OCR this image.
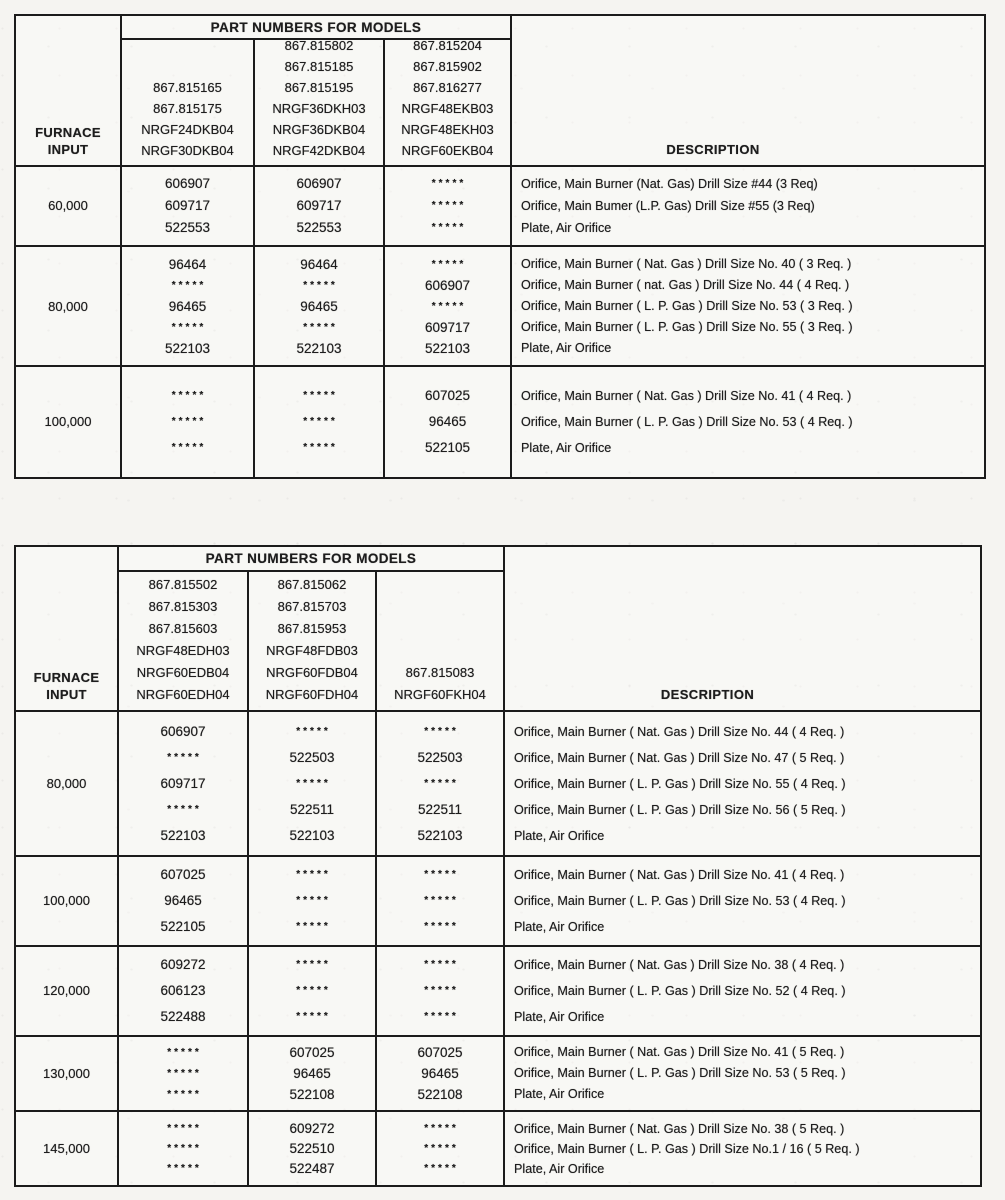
FURNACE
INPUT
PART NUMBERS FOR MODELS
867.815165
867.815175
NRGF24DKB04
NRGF30DKB04
867.815802
867.815185
867.815195
NRGF36DKH03
NRGF36DKB04
NRGF42DKB04
867.815204
867.815902
867.816277
NRGF48EKB03
NRGF48EKH03
NRGF60EKB04	DESCRIPTION
60,000
606907
609717
522553
606907
609717
522553
*****
*****
*****
Orifice, Main Burner (Nat. Gas) Drill Size #44 (3 Req)
Orifice, Main Bumer (L.P. Gas) Drill Size #55 (3 Req)
Plate, Air Orifice
80,000
96464
*****
96465
*****
522103
96464
*****
96465
*****
522103
*****
606907
*****
609717
522103
Orifice, Main Burner ( Nat. Gas ) Drill Size No. 40 ( 3 Req. )
Orifice, Main Burner ( nat. Gas ) Drill Size No. 44 ( 4 Req. )
Orifice, Main Burner ( L. P. Gas ) Drill Size No. 53 ( 3 Req. )
Orifice, Main Burner ( L. P. Gas ) Drill Size No. 55 ( 3 Req. )
Plate, Air Orifice
100,000
*****
*****
*****
*****
*****
*****
607025
96465
522105
Orifice, Main Burner ( Nat. Gas ) Drill Size No. 41 ( 4 Req. )
Orifice, Main Burner ( L. P. Gas ) Drill Size No. 53 ( 4 Req. )
Plate, Air Orifice
FURNACE
INPUT
PART NUMBERS FOR MODELS
867.815502
867.815303
867.815603
NRGF48EDH03
NRGF60EDB04
NRGF60EDH04
867.815062
867.815703
867.815953
NRGF48FDB03
NRGF60FDB04
NRGF60FDH04
867.815083
NRGF60FKH04	DESCRIPTION
80,000
606907
*****
609717
*****
522103
*****
522503
*****
522511
522103
*****
522503
*****
522511
522103
Orifice, Main Burner ( Nat. Gas ) Drill Size No. 44 ( 4 Req. )
Orifice, Main Burner ( Nat. Gas ) Drill Size No. 47 ( 5 Req. )
Orifice, Main Burner ( L. P. Gas ) Drill Size No. 55 ( 4 Req. )
Orifice, Main Burner ( L. P. Gas ) Drill Size No. 56 ( 5 Req. )
Plate, Air Orifice
100,000
607025
96465
522105
*****
*****
*****
*****
*****
*****
Orifice, Main Burner ( Nat. Gas ) Drill Size No. 41 ( 4 Req. )
Orifice, Main Burner ( L. P. Gas ) Drill Size No. 53 ( 4 Req. )
Plate, Air Orifice
120,000
609272
606123
522488
*****
*****
*****
*****
*****
*****
Orifice, Main Burner ( Nat. Gas ) Drill Size No. 38 ( 4 Req. )
Orifice, Main Burner ( L. P. Gas ) Drill Size No. 52 ( 4 Req. )
Plate, Air Orifice
130,000
*****
*****
*****
607025
96465
522108
607025
96465
522108
Orifice, Main Burner ( Nat. Gas ) Drill Size No. 41 ( 5 Req. )
Orifice, Main Burner ( L. P. Gas ) Drill Size No. 53 ( 5 Req. )
Plate, Air Orifice
145,000
*****
*****
*****
609272
522510
522487
*****
*****
*****
Orifice, Main Burner ( Nat. Gas ) Drill Size No. 38 ( 5 Req. )
Orifice, Main Burner ( L. P. Gas ) Drill Size No.1 / 16 ( 5 Req. )
Plate, Air Orifice
